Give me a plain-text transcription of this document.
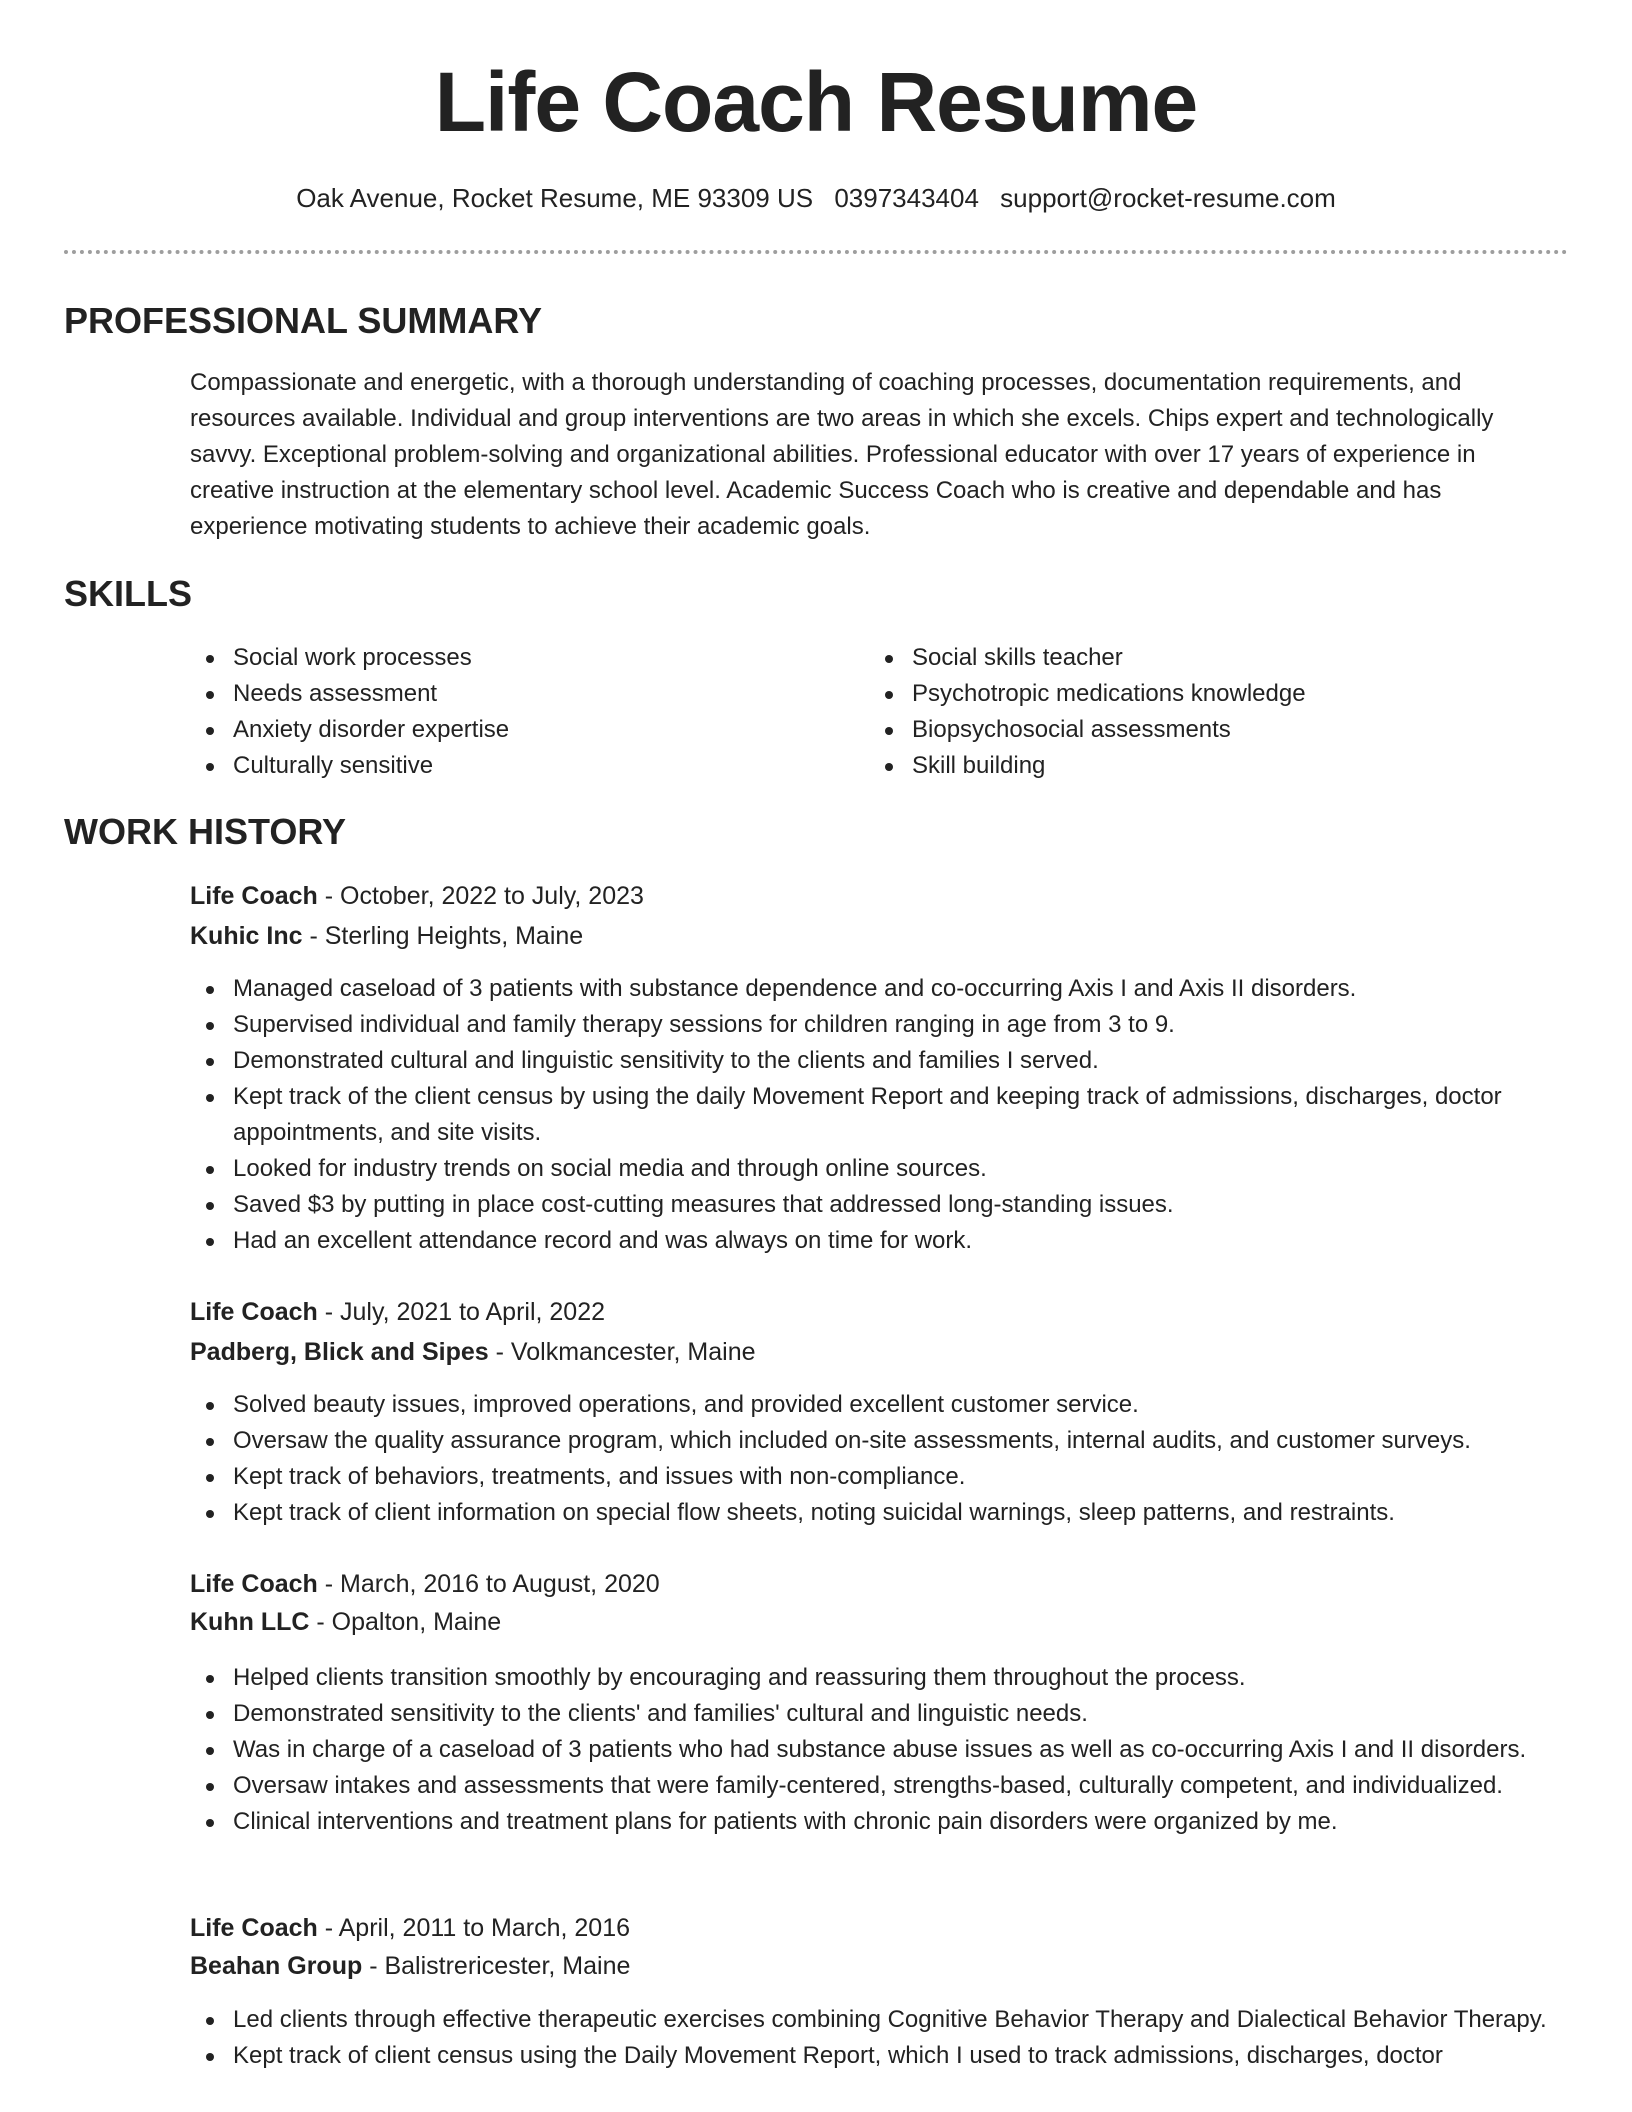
Life Coach Resume
Oak Avenue, Rocket Resume, ME 93309 US 0397343404 support@rocket-resume.com
PROFESSIONAL SUMMARY
Compassionate and energetic, with a thorough understanding of coaching processes, documentation requirements, and resources available. Individual and group interventions are two areas in which she excels. Chips expert and technologically savvy. Exceptional problem-solving and organizational abilities. Professional educator with over 17 years of experience in creative instruction at the elementary school level. Academic Success Coach who is creative and dependable and has experience motivating students to achieve their academic goals.
SKILLS
Social work processes
Needs assessment
Anxiety disorder expertise
Culturally sensitive
Social skills teacher
Psychotropic medications knowledge
Biopsychosocial assessments
Skill building
WORK HISTORY
Life Coach - October, 2022 to July, 2023
Kuhic Inc - Sterling Heights, Maine
Managed caseload of 3 patients with substance dependence and co-occurring Axis I and Axis II disorders.
Supervised individual and family therapy sessions for children ranging in age from 3 to 9.
Demonstrated cultural and linguistic sensitivity to the clients and families I served.
Kept track of the client census by using the daily Movement Report and keeping track of admissions, discharges, doctor appointments, and site visits.
Looked for industry trends on social media and through online sources.
Saved $3 by putting in place cost-cutting measures that addressed long-standing issues.
Had an excellent attendance record and was always on time for work.
Life Coach - July, 2021 to April, 2022
Padberg, Blick and Sipes - Volkmancester, Maine
Solved beauty issues, improved operations, and provided excellent customer service.
Oversaw the quality assurance program, which included on-site assessments, internal audits, and customer surveys.
Kept track of behaviors, treatments, and issues with non-compliance.
Kept track of client information on special flow sheets, noting suicidal warnings, sleep patterns, and restraints.
Life Coach - March, 2016 to August, 2020
Kuhn LLC - Opalton, Maine
Helped clients transition smoothly by encouraging and reassuring them throughout the process.
Demonstrated sensitivity to the clients' and families' cultural and linguistic needs.
Was in charge of a caseload of 3 patients who had substance abuse issues as well as co-occurring Axis I and II disorders.
Oversaw intakes and assessments that were family-centered, strengths-based, culturally competent, and individualized.
Clinical interventions and treatment plans for patients with chronic pain disorders were organized by me.
Life Coach - April, 2011 to March, 2016
Beahan Group - Balistrericester, Maine
Led clients through effective therapeutic exercises combining Cognitive Behavior Therapy and Dialectical Behavior Therapy.
Kept track of client census using the Daily Movement Report, which I used to track admissions, discharges, doctor
